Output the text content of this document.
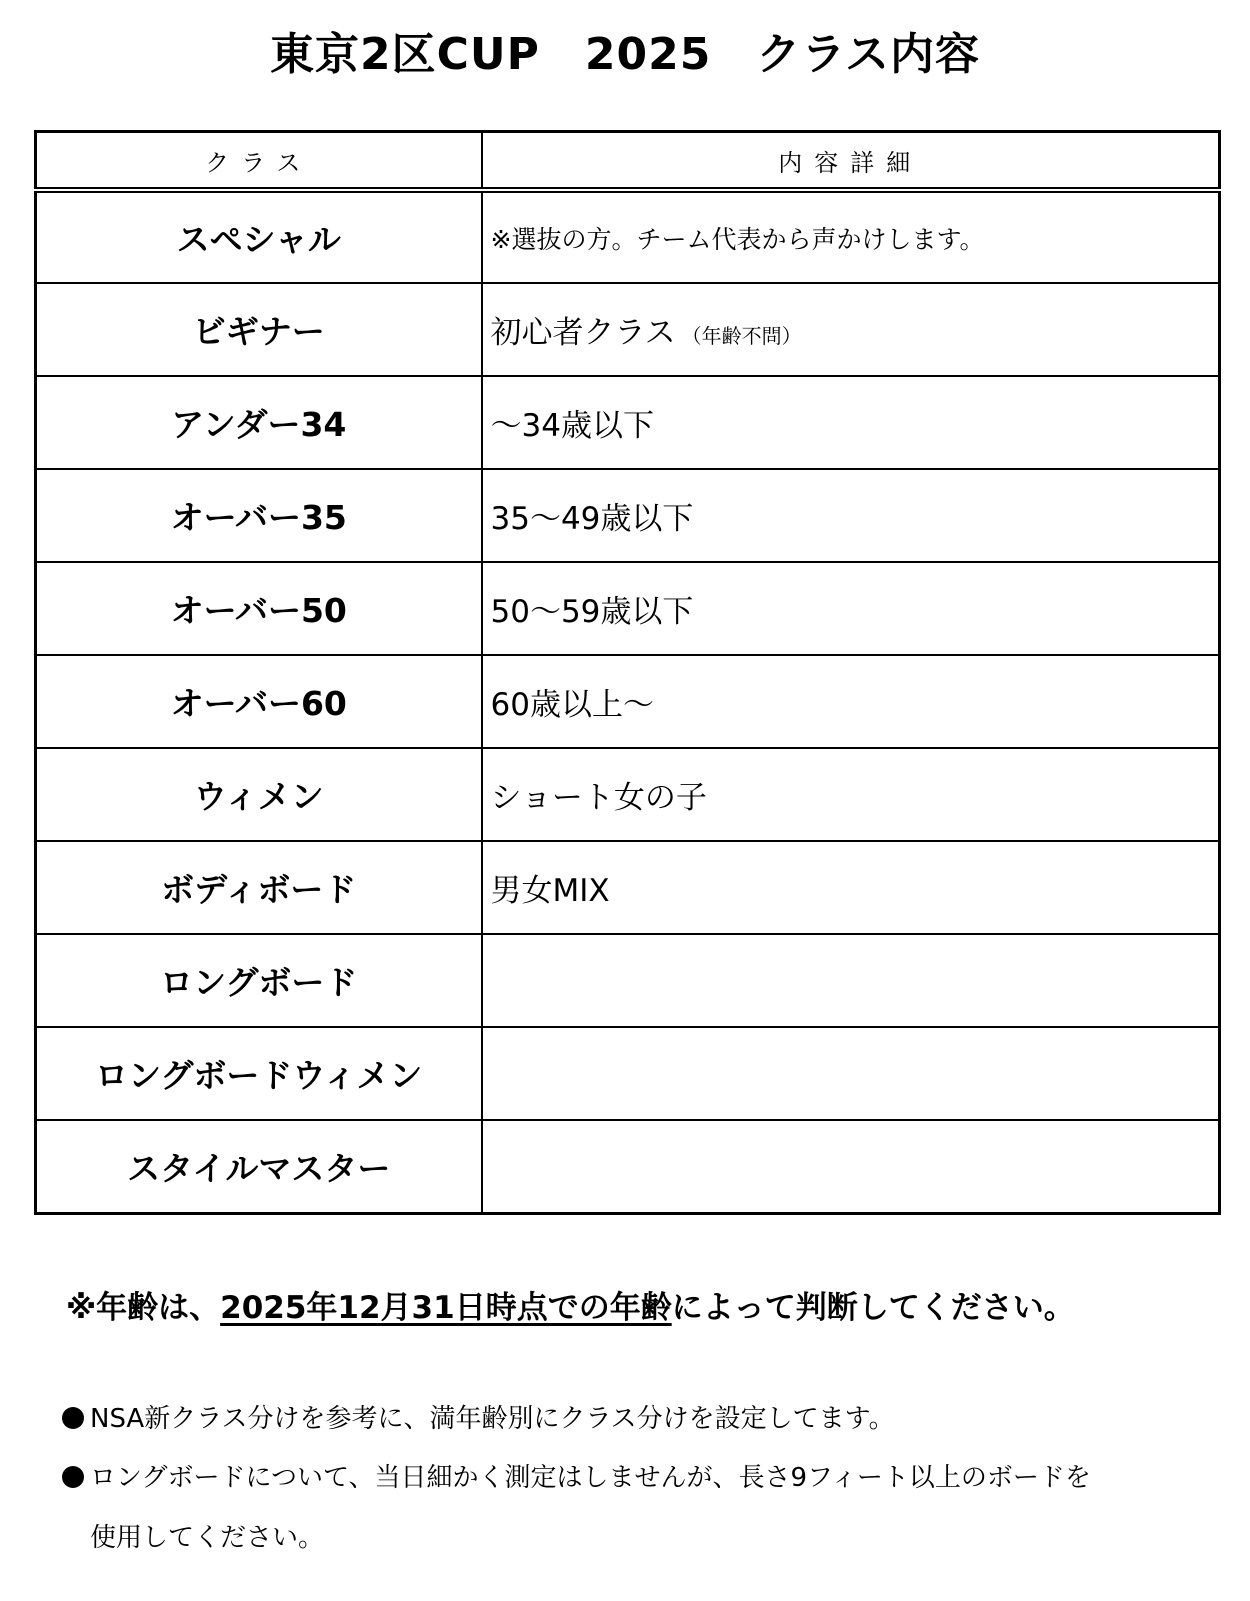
東京2区CUP　2025　クラス内容
クラス	内容詳細
スペシャル	※選抜の方。チーム代表から声かけします。
ビギナー	初心者クラス （年齢不問）
アンダー34	～34歳以下
オーバー35	35～49歳以下
オーバー50	50～59歳以下
オーバー60	60歳以上～
ウィメン	ショート女の子
ボディボード	男女MIX
ロングボード	
ロングボードウィメン	
スタイルマスター	
※年齢は、2025年12月31日時点での年齢によって判断してください。
NSA新クラス分けを参考に、満年齢別にクラス分けを設定してます。
ロングボードについて、当日細かく測定はしませんが、長さ9フィート以上のボードを
使用してください。
